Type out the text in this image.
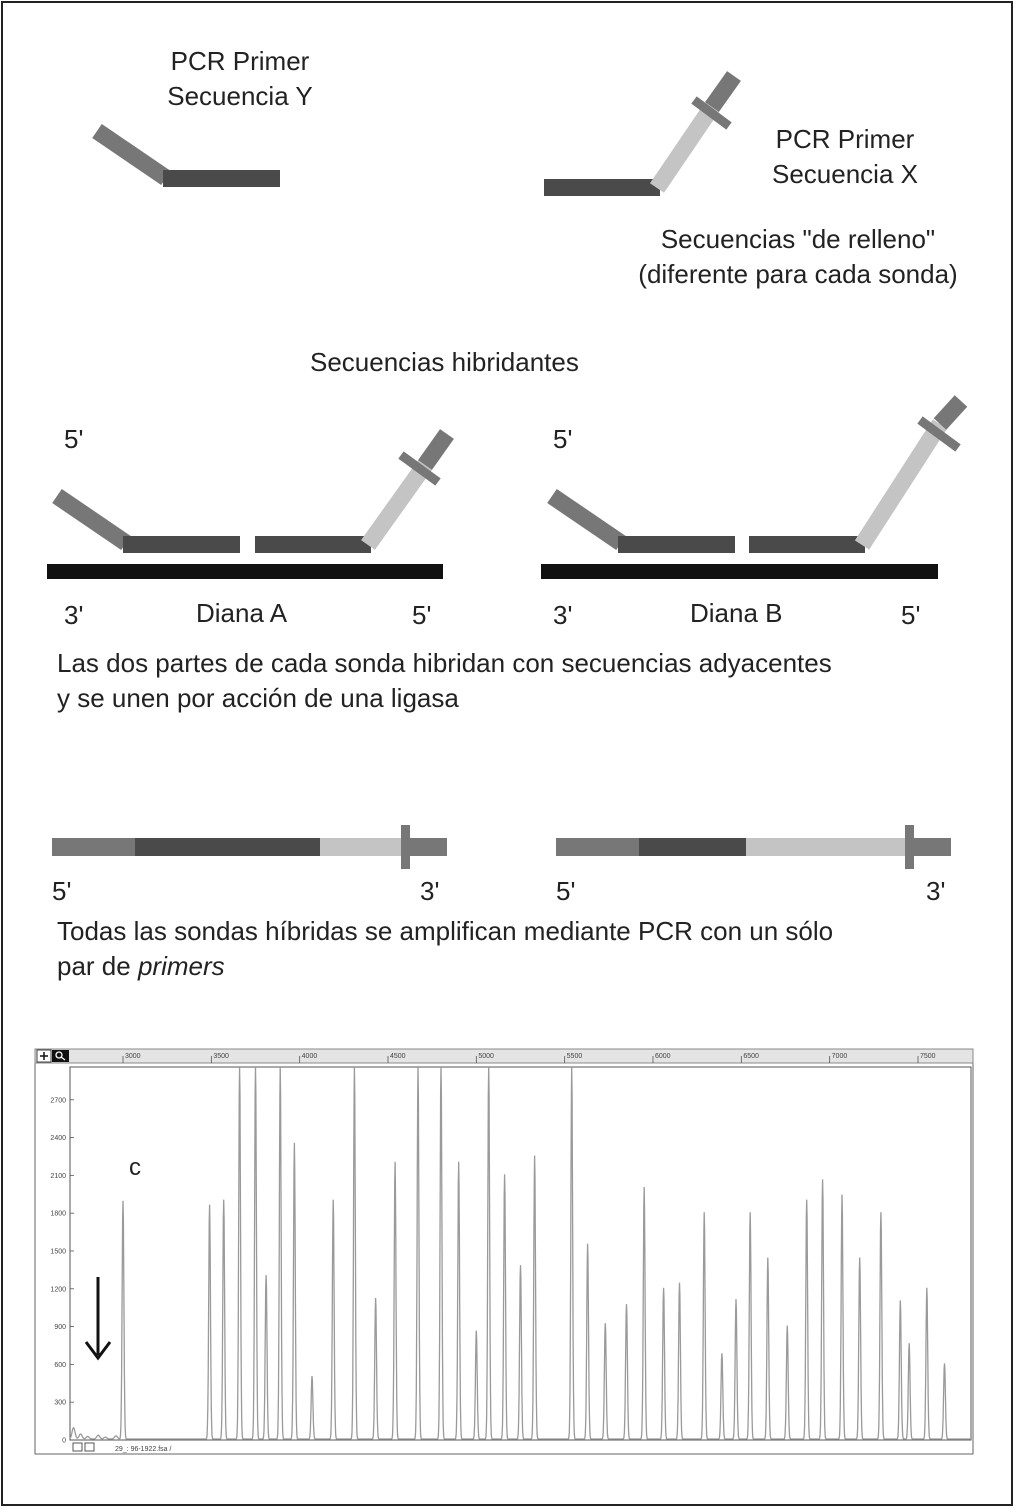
PCR Primer
Secuencia Y
PCR Primer
Secuencia X
Secuencias "de relleno"
(diferente para cada sonda)
Secuencias hibridantes
5'
3'	Diana A	5'
5'
3'	Diana B	5'
Las dos partes de cada sonda hibridan con secuencias adyacentes
y se unen por acción de una ligasa
5'	3'	5'	3'
Todas las sondas híbridas se amplifican mediante PCR con un sólo
par de primers
3000	3500	4000	4500	5000	5500	6000	6500	7000	7500
0
300
600
900
1200
1500
1800
2100
2400
2700
29_: 96-1922.fsa /
c
